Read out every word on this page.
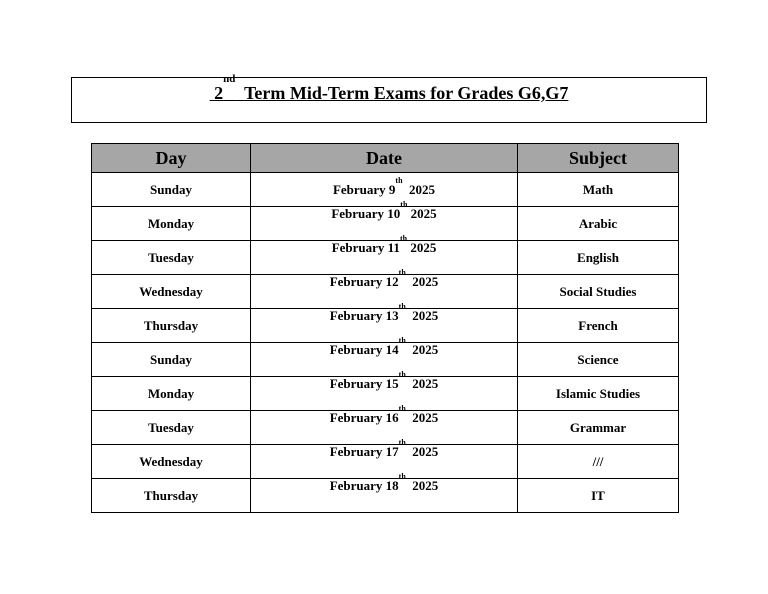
2nd  Term Mid-Term Exams for Grades G6,G7
Day	Date	Subject
Sunday	February 9th  2025	Math
Monday	February 10th 2025	Arabic
Tuesday	February 11th 2025	English
Wednesday	February 12th  2025	Social Studies
Thursday	February 13th  2025	French
Sunday	February 14th  2025	Science
Monday	February 15th  2025	Islamic Studies
Tuesday	February 16th  2025	Grammar
Wednesday	February 17th  2025	///
Thursday	February 18th  2025	IT
